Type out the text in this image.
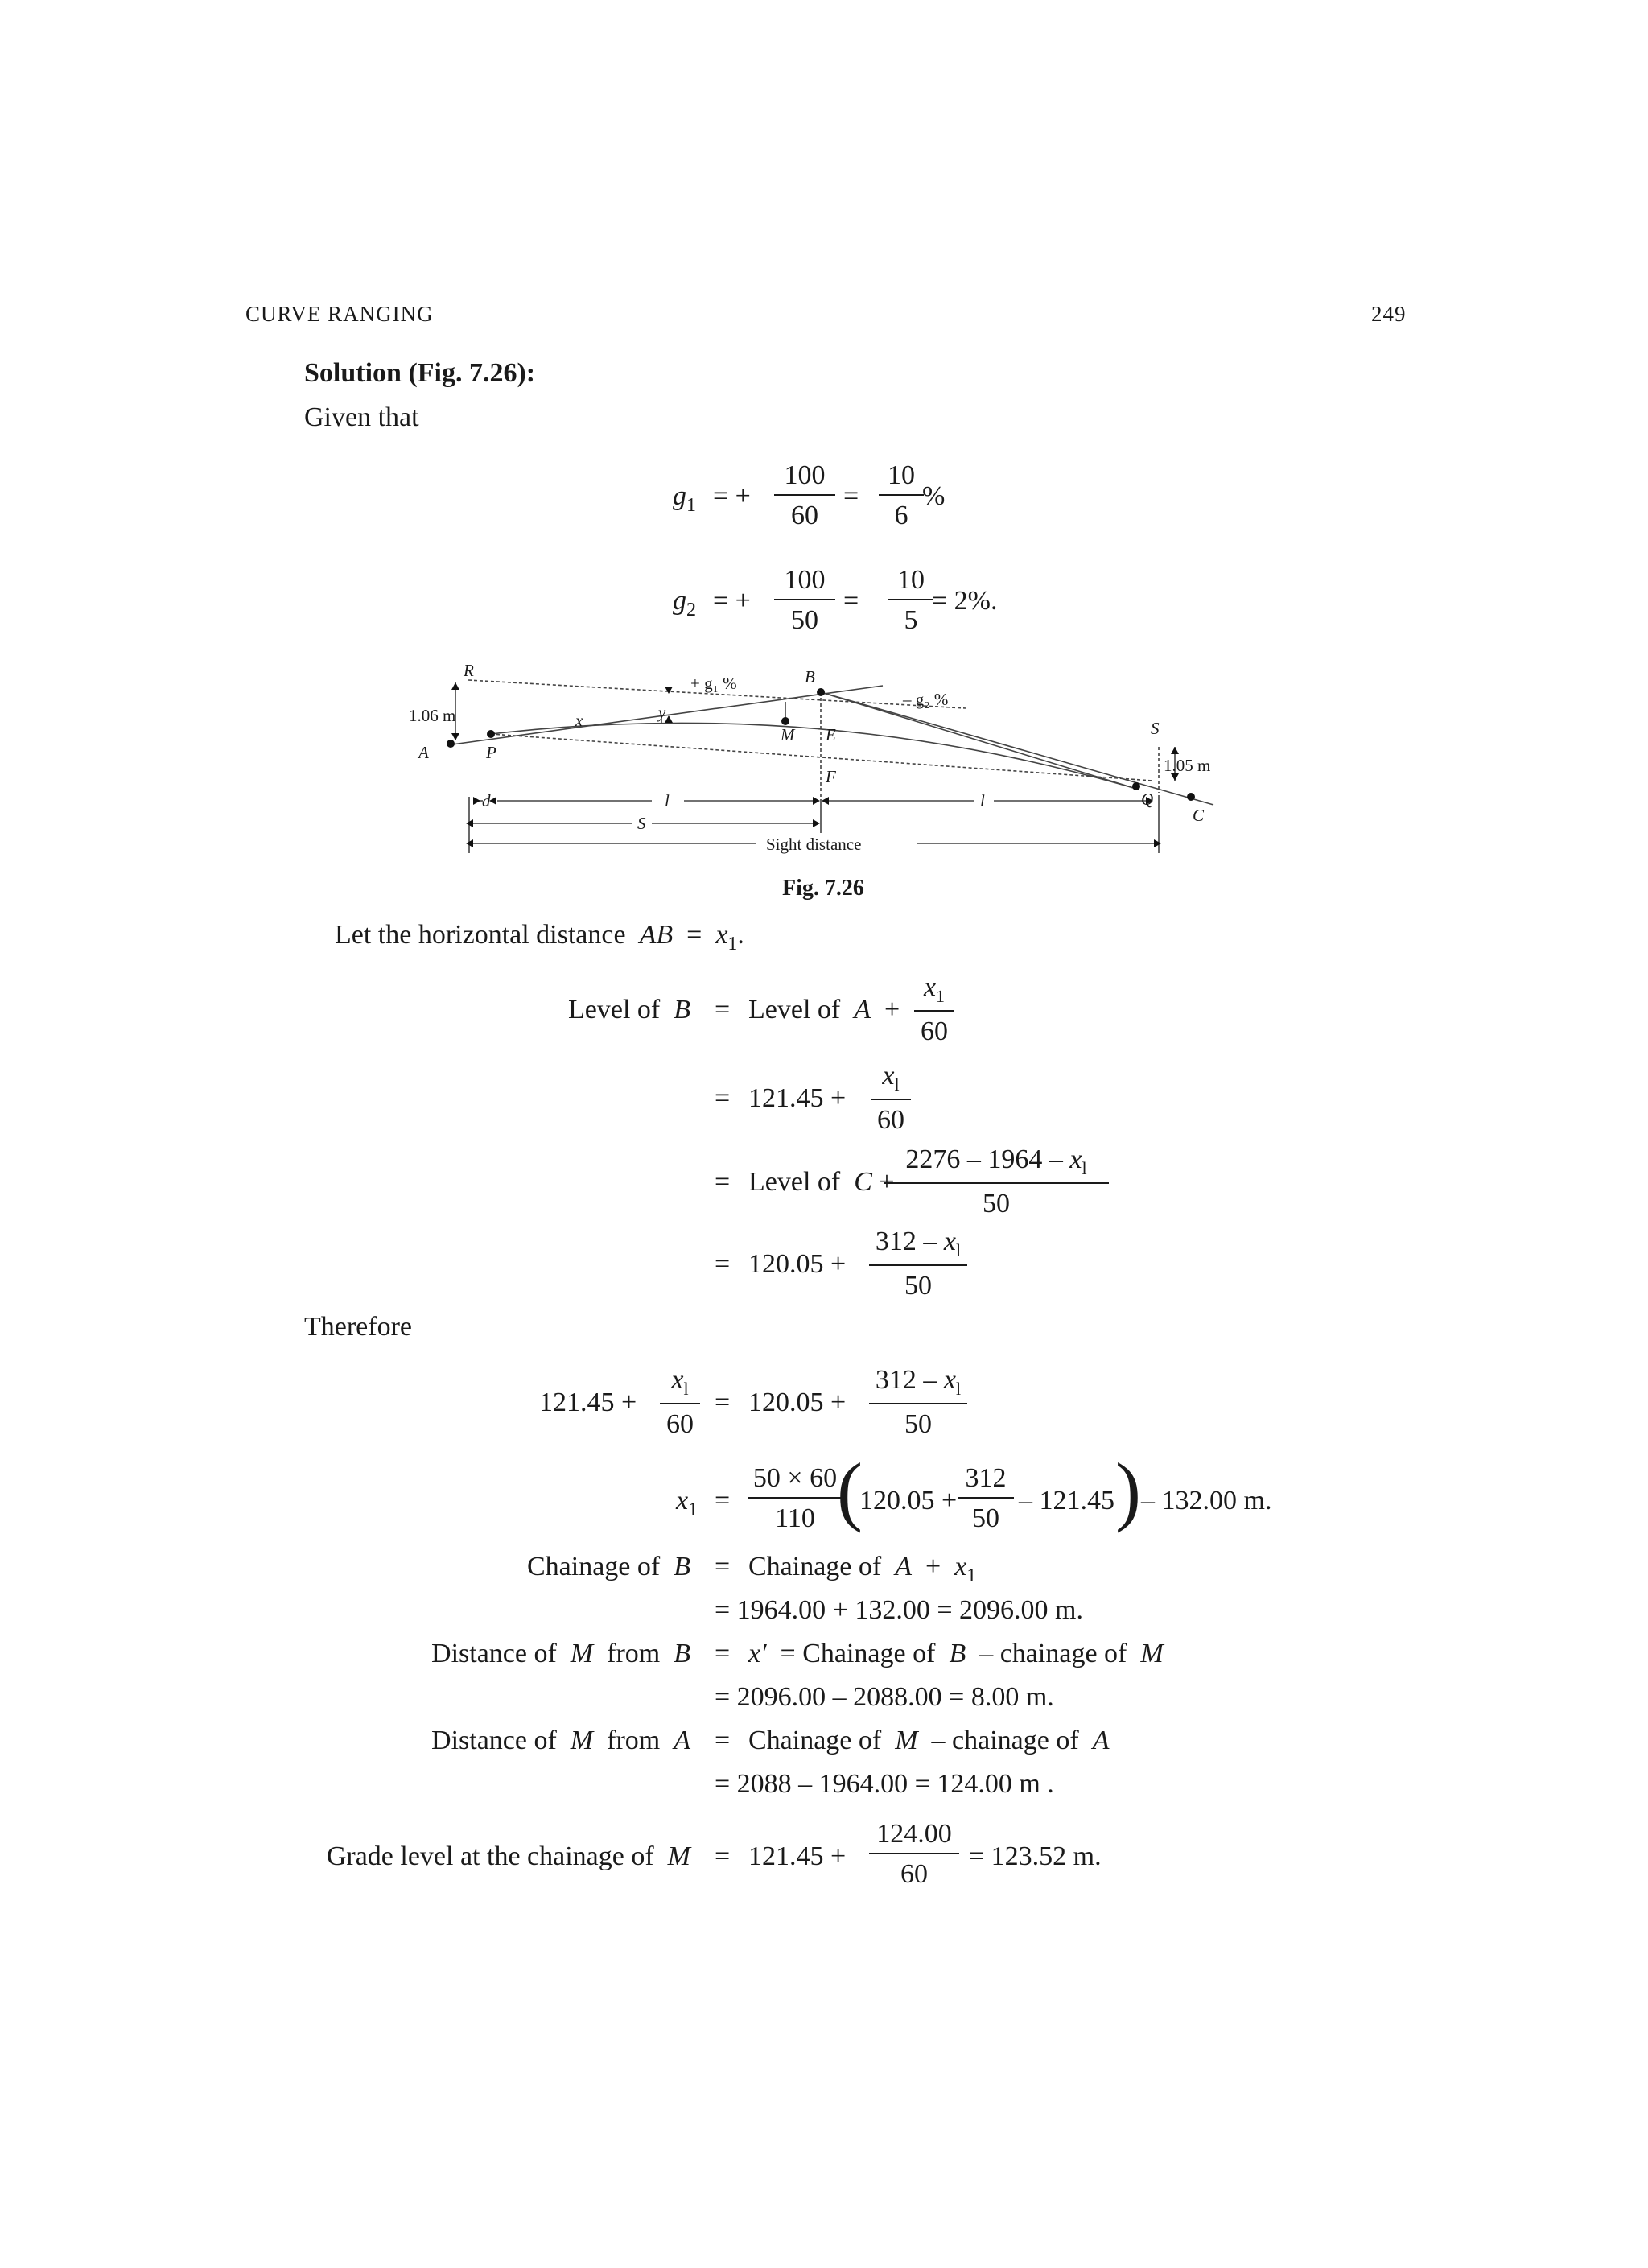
CURVE RANGING	249
Solution (Fig. 7.26):
Given that
$g_1$ = + $\frac{100}{60} = \frac{10}{6}$
%
$g_2$ = + $\frac{100}{50} = \frac{10}{5}$
= 2%.
R
A	P
x	y
+ g₁ %	B
M E
F
– g₂ %
S
Q
C
1.06 m
1.05 m
d	l	l
S
Sight distance
Fig. 7.26
Let the horizontal distance AB = $x_1$.
Level of B = Level of $A + \frac{x_1}{60}$
= $121.45 + \frac{x_l}{60}$
= Level of C +
$\frac{2276 - 1964 - x_l}{50}$
= $120.05 + \frac{312 - x_l}{50}$
Therefore
$121.45 + \frac{x_l}{60} = 120.05 + \frac{312 - x_l}{50}$
$x_1 = \frac{50 \times 60}{110}$
(
$120.05 + \frac{312}{50} - 121.45$ ) – 132.00 m.
Chainage of B = Chainage of $A + x_1$
= 1964.00 + 132.00 = 2096.00 m.
Distance of M from B = x′ = Chainage of B – chainage of M
= 2096.00 – 2088.00 = 8.00 m.
Distance of M from A = Chainage of M – chainage of A
= 2088 – 1964.00 = 124.00 m .
Grade level at the chainage of $M = 121.45 + \frac{124.00}{60} = 123.52$ m.
